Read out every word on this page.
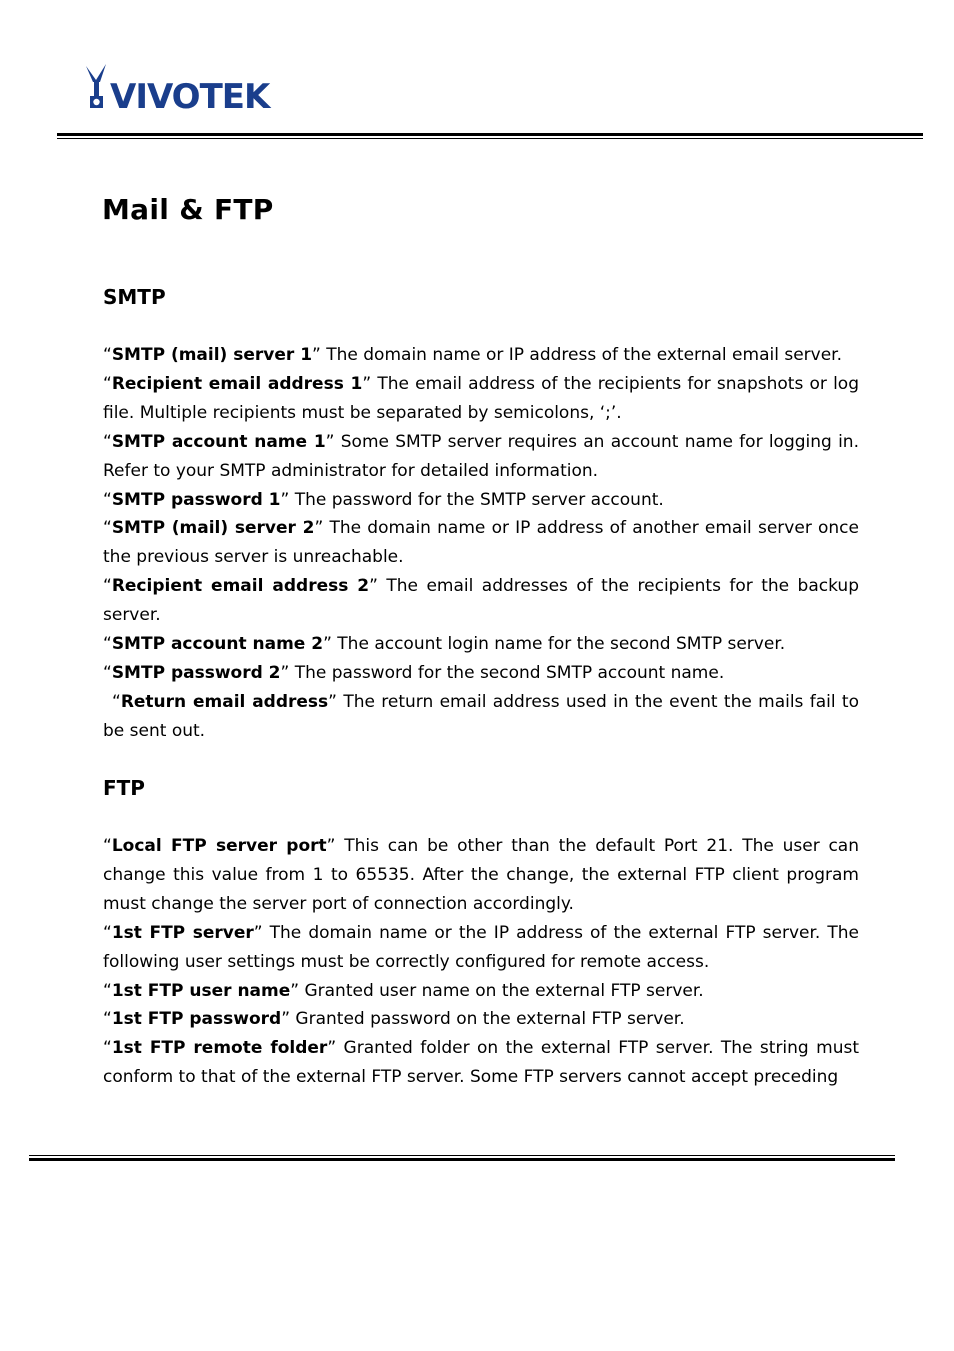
VIVOTEK
Mail & FTP
SMTP

“SMTP (mail) server 1” The domain name or IP address of the external email server.

“Recipient email address 1” The email address of the recipients for snapshots or log file. Multiple recipients must be separated by semicolons, ‘;’.

“SMTP account name 1” Some SMTP server requires an account name for logging in. Refer to your SMTP administrator for detailed information.

“SMTP password 1” The password for the SMTP server account.

“SMTP (mail) server 2” The domain name or IP address of another email server once the previous server is unreachable.

“Recipient email address 2” The email addresses of the recipients for the backup server.

“SMTP account name 2” The account login name for the second SMTP server.

“SMTP password 2” The password for the second SMTP account name.

“Return email address” The return email address used in the event the mails fail to be sent out.

FTP

“Local FTP server port” This can be other than the default Port 21. The user can change this value from 1 to 65535. After the change, the external FTP client program must change the server port of connection accordingly.

“1st FTP server” The domain name or the IP address of the external FTP server. The following user settings must be correctly configured for remote access.

“1st FTP user name” Granted user name on the external FTP server.

“1st FTP password” Granted password on the external FTP server.

“1st FTP remote folder” Granted folder on the external FTP server. The string must conform to that of the external FTP server. Some FTP servers cannot accept preceding
